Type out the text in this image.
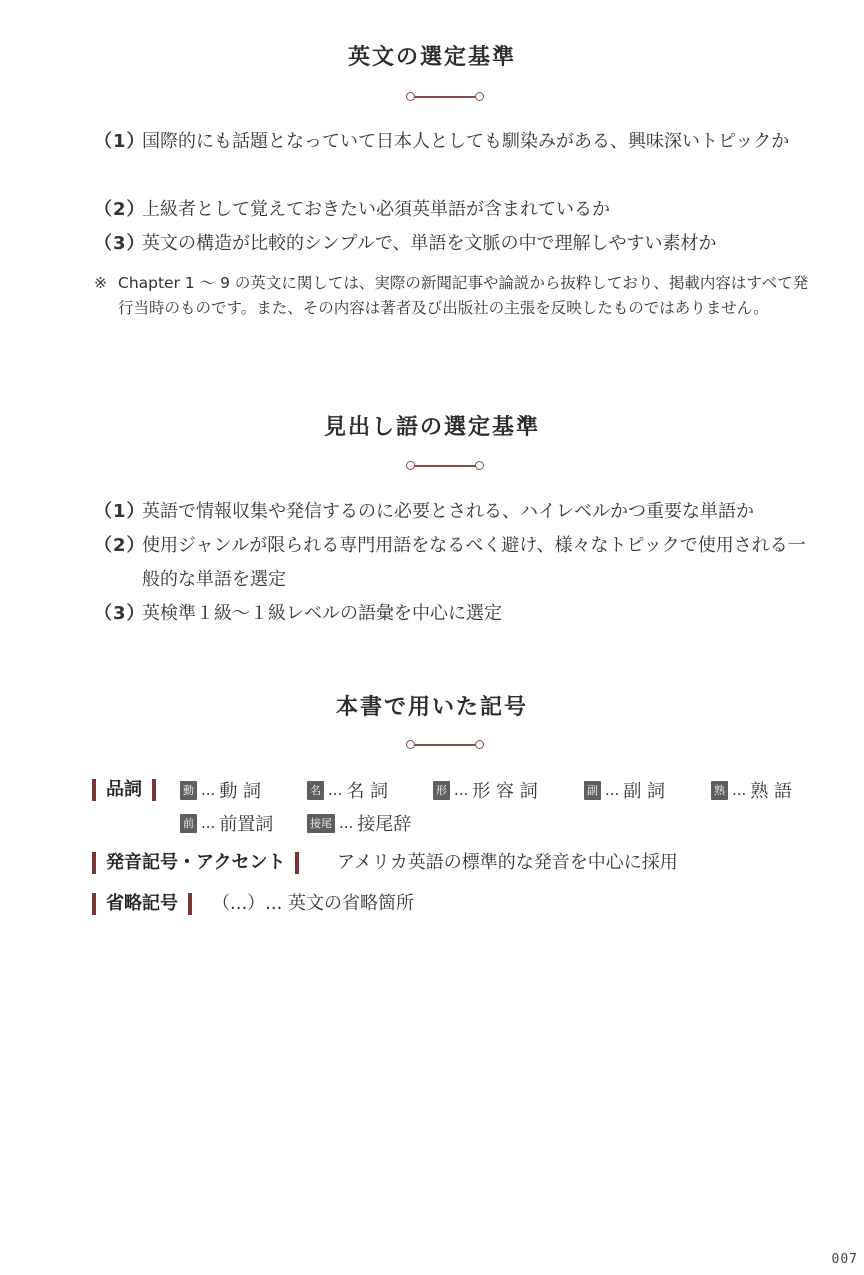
英文の選定基準
（1）
国際的にも話題となっていて日本人としても馴染みがある、興味深いトピックか
（2）
上級者として覚えておきたい必須英単語が含まれているか
（3）
英文の構造が比較的シンプルで、単語を文脈の中で理解しやすい素材か
※ Chapter 1 ～ 9 の英文に関しては、実際の新聞記事や論説から抜粋しており、掲載内容はすべて発行当時のものです。また、その内容は著者及び出版社の主張を反映したものではありません。
見出し語の選定基準
（1）
英語で情報収集や発信するのに必要とされる、ハイレベルかつ重要な単語か
（2）
使用ジャンルが限られる専門用語をなるべく避け、様々なトピックで使用される一般的な単語を選定
（3）
英検準１級～１級レベルの語彙を中心に選定
本書で用いた記号
品詞	動 ... 動 詞	名 ... 名 詞	形 ... 形 容 詞	副 ... 副 詞	熟 ... 熟 語
前 ... 前置詞	接尾 ... 接尾辞
発音記号・アクセント	アメリカ英語の標準的な発音を中心に採用
省略記号 （...）... 英文の省略箇所
007
